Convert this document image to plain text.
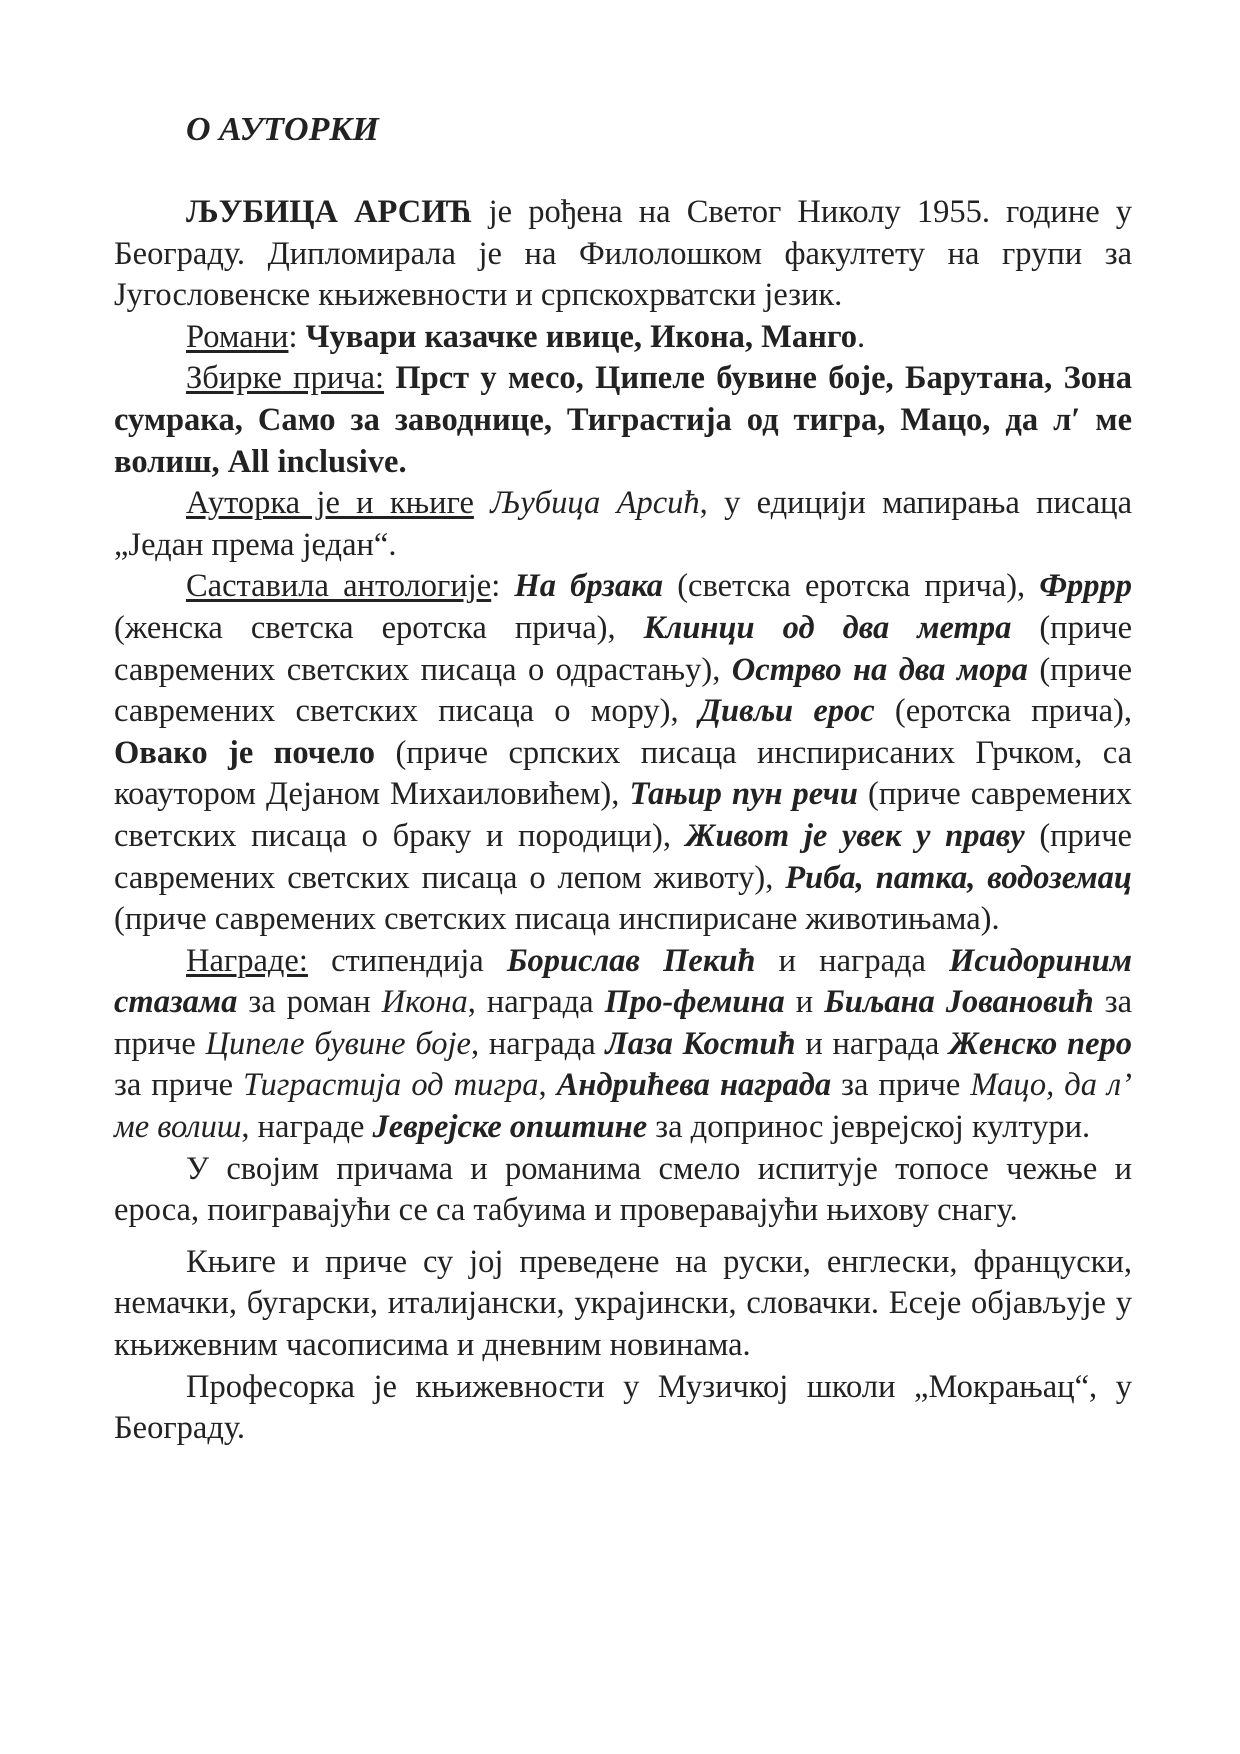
О АУТОРКИ

ЉУБИЦА АРСИЋ је рођена на Светог Николу 1955. године у Београду. Дипломирала је на Филолошком факултету на групи за Југословенске књижевности и српскохрватски језик.

Романи: Чувари казачке ивице, Икона, Манго.

Збирке прича: Прст у месо, Ципеле бувине боје, Барутана, Зона сумрака, Само за заводнице, Тиграстија од тигра, Мацо, да л′ ме волиш, All inclusive.

Ауторка је и књиге Љубица Арсић, у едицији мапирања писаца „Један према један“.

Саставила антологије: На брзака (светска еротска прича), Фрррр (женска светска еротска прича), Клинци од два метра (приче савремених светских писаца о одрастању), Острво на два мора (приче савремених светских писаца о мору), Дивљи ерос (еротска прича), Овако је почело (приче српских писаца инспирисаних Грчком, са коаутором Дејаном Михаиловићем), Тањир пун речи (приче савремених светских писаца о браку и породици), Живот је увек у праву (приче савремених светских писаца о лепом животу), Риба, патка, водоземац (приче савремених светских писаца инспирисане животињама).

Награде: стипендија Борислав Пекић и награда Исидориним стазама за роман Икона, награда Про-фемина и Биљана Јовановић за приче Ципеле бувине боје, награда Лаза Костић и награда Женско перо за приче Тиграстија од тигра, Андрићева награда за приче Мацо, да л’ ме волиш, награде Јеврејске општине за допринос јеврејској култури.

У својим причама и романима смело испитује топосе чежње и ероса, поигравајући се са табуима и проверавајући њихову снагу.

Књиге и приче су јој преведене на руски, енглески, француски, немачки, бугарски, италијански, украјински, словачки. Есеје објављује у књижевним часописима и дневним новинама.

Професорка је књижевности у Музичкој школи „Мокрањац“, у Београду.
